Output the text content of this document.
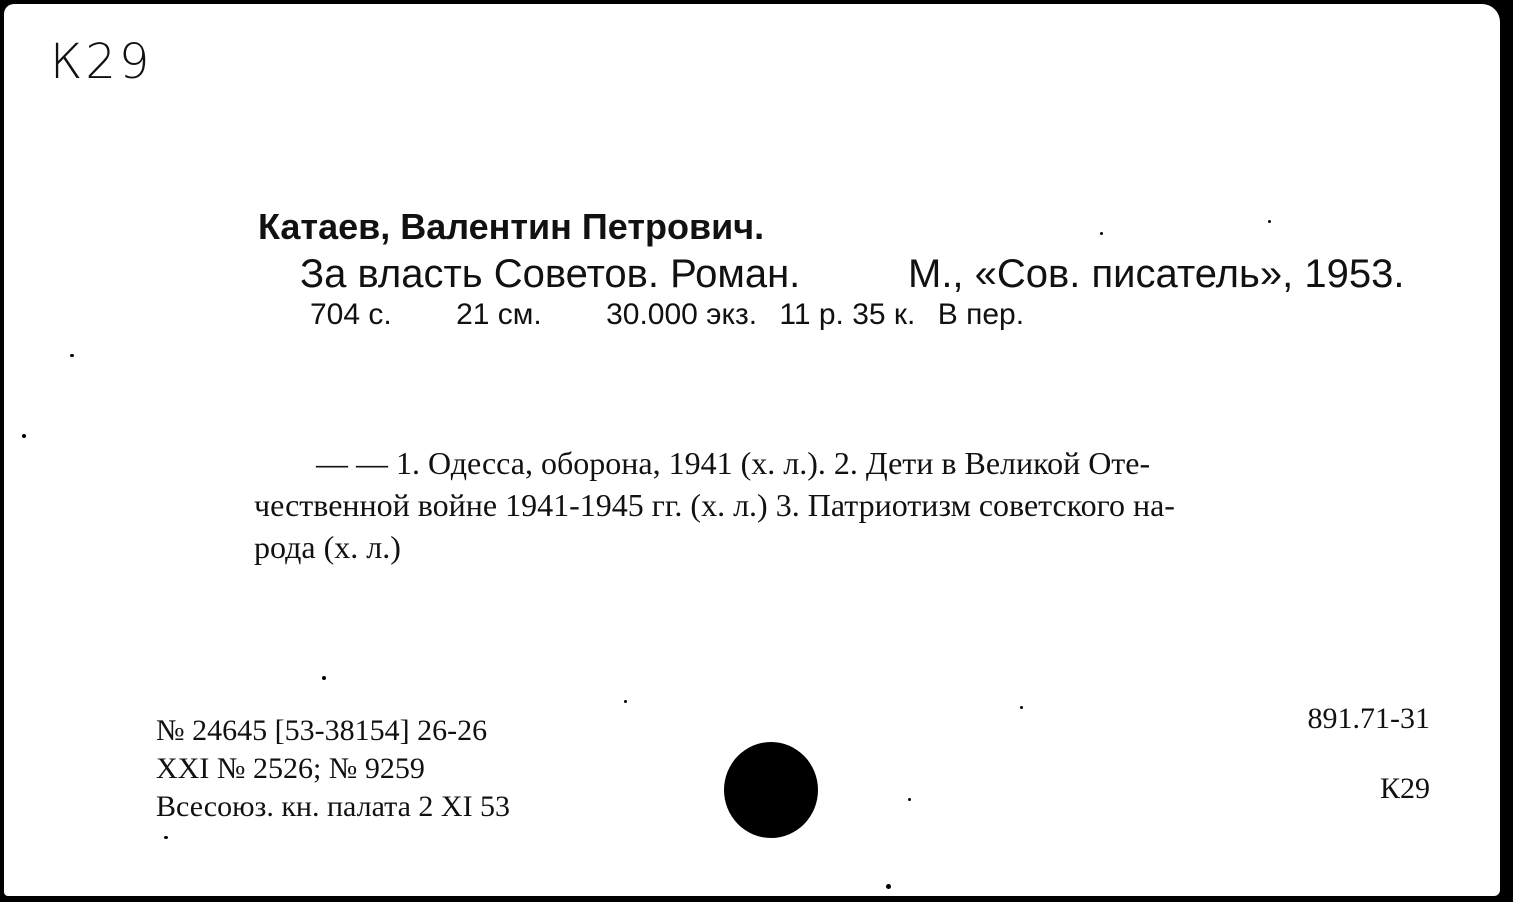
К29
Катаев, Валентин Петрович.
За власть Советов. Роман.	М., «Сов. писатель», 1953.
704 с. 21 см. 30.000 экз. 11 р. 35 к. В пер.
— — 1. Одесса, оборона, 1941 (х. л.). 2. Дети в Великой Оте-
чественной войне 1941-1945 гг. (х. л.) 3. Патриотизм советского на-
рода (х. л.)
№ 24645 [53-38154] 26-26
XXI № 2526; № 9259
Всесоюз. кн. палата 2 XI 53
891.71-31
К29
